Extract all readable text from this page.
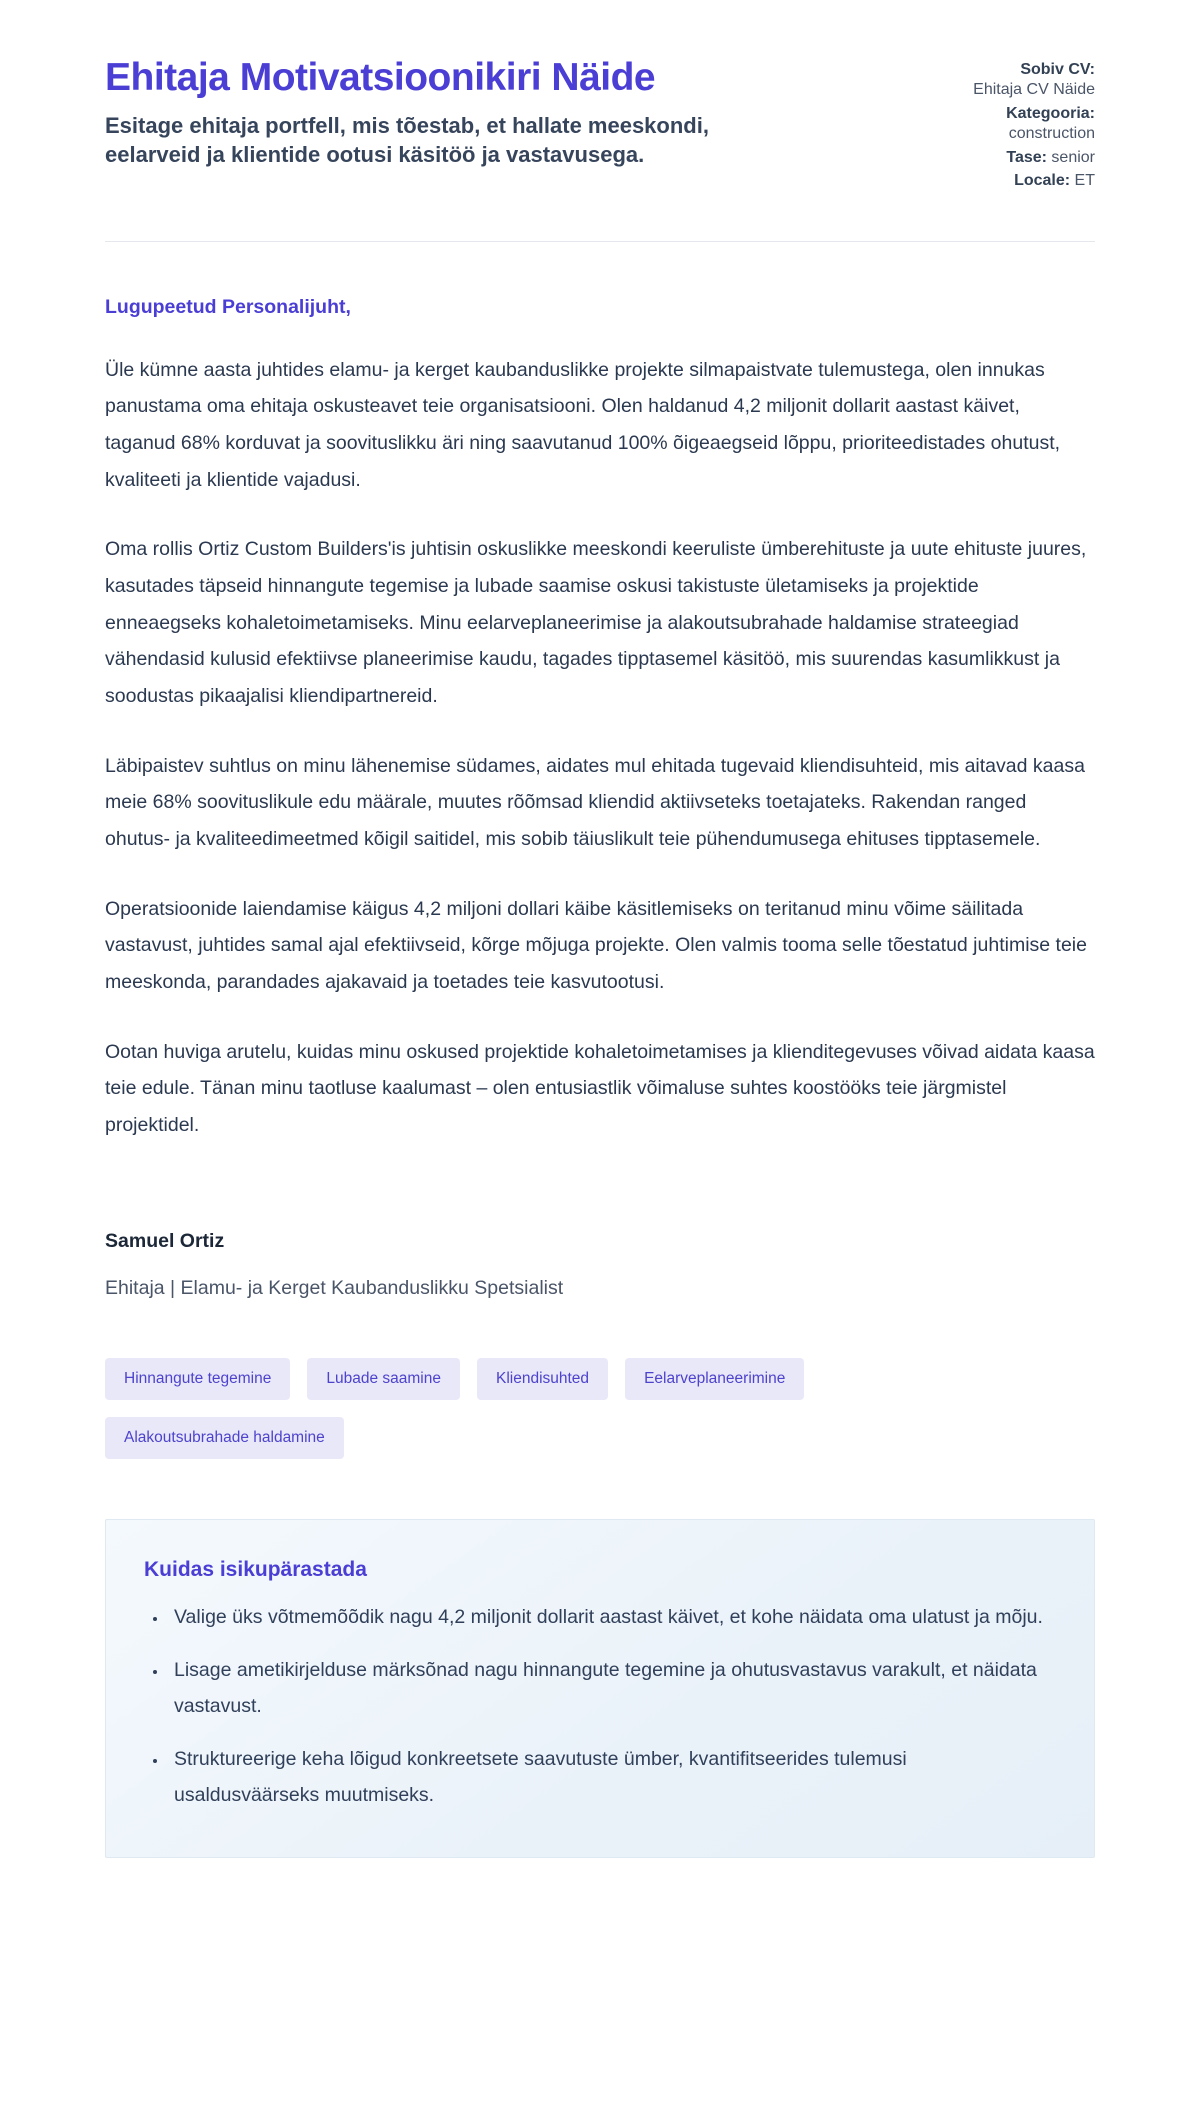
Ehitaja Motivatsioonikiri Näide

Esitage ehitaja portfell, mis tõestab, et hallate meeskondi, eelarveid ja klientide ootusi käsitöö ja vastavusega.

Sobiv CV:
Ehitaja CV Näide
Kategooria:
construction
Tase: senior
Locale: ET

Lugupeetud Personalijuht,

Üle kümne aasta juhtides elamu- ja kerget kaubanduslikke projekte silmapaistvate tulemustega, olen innukas panustama oma ehitaja oskusteavet teie organisatsiooni. Olen haldanud 4,2 miljonit dollarit aastast käivet, taganud 68% korduvat ja soovituslikku äri ning saavutanud 100% õigeaegseid lõppu, prioriteedistades ohutust, kvaliteeti ja klientide vajadusi.

Oma rollis Ortiz Custom Builders'is juhtisin oskuslikke meeskondi keeruliste ümberehituste ja uute ehituste juures, kasutades täpseid hinnangute tegemise ja lubade saamise oskusi takistuste ületamiseks ja projektide enneaegseks kohaletoimetamiseks. Minu eelarveplaneerimise ja alakoutsubrahade haldamise strateegiad vähendasid kulusid efektiivse planeerimise kaudu, tagades tipptasemel käsitöö, mis suurendas kasumlikkust ja soodustas pikaajalisi kliendipartnereid.

Läbipaistev suhtlus on minu lähenemise südames, aidates mul ehitada tugevaid kliendisuhteid, mis aitavad kaasa meie 68% soovituslikule edu määrale, muutes rõõmsad kliendid aktiivseteks toetajateks. Rakendan ranged ohutus- ja kvaliteedimeetmed kõigil saitidel, mis sobib täiuslikult teie pühendumusega ehituses tipptasemele.

Operatsioonide laiendamise käigus 4,2 miljoni dollari käibe käsitlemiseks on teritanud minu võime säilitada vastavust, juhtides samal ajal efektiivseid, kõrge mõjuga projekte. Olen valmis tooma selle tõestatud juhtimise teie meeskonda, parandades ajakavaid ja toetades teie kasvutootusi.

Ootan huviga arutelu, kuidas minu oskused projektide kohaletoimetamises ja klienditegevuses võivad aidata kaasa teie edule. Tänan minu taotluse kaalumast – olen entusiastlik võimaluse suhtes koostööks teie järgmistel projektidel.

Samuel Ortiz

Ehitaja | Elamu- ja Kerget Kaubanduslikku Spetsialist

Hinnangute tegemine	Lubade saamine	Kliendisuhted	Eelarveplaneerimine
Alakoutsubrahade haldamine
Kuidas isikupärastada
• Valige üks võtmemõõdik nagu 4,2 miljonit dollarit aastast käivet, et kohe näidata oma ulatust ja mõju.
• Lisage ametikirjelduse märksõnad nagu hinnangute tegemine ja ohutusvastavus varakult, et näidata vastavust.
• Struktureerige keha lõigud konkreetsete saavutuste ümber, kvantifitseerides tulemusi usaldusväärseks muutmiseks.
